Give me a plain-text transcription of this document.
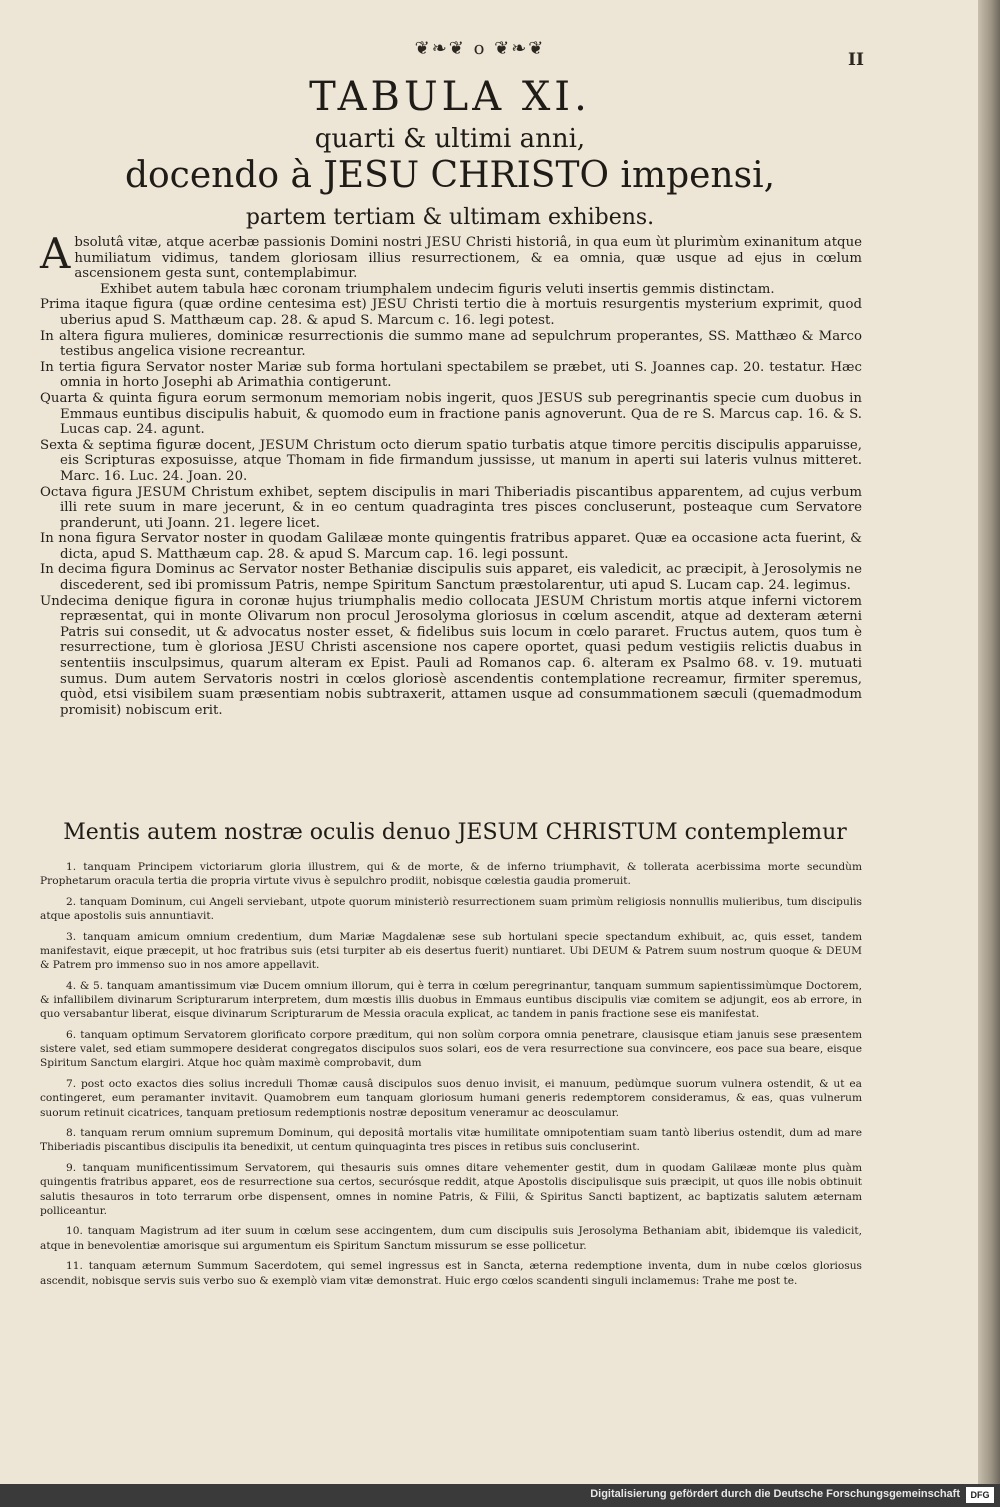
❦❧❦ o ❦❧❦
II
TABULA XI.
quarti & ultimi anni,
docendo à JESU CHRISTO impensi,
partem tertiam & ultimam exhibens.

Absolutâ vitæ, atque acerbæ passionis Domini nostri JESU Christi historiâ, in qua eum ùt plurimùm exinanitum atque humiliatum vidimus, tandem gloriosam illius resurrectionem, & ea omnia, quæ usque ad ejus in cœlum ascensionem gesta sunt, contemplabimur.

Exhibet autem tabula hæc coronam triumphalem undecim figuris veluti insertis gemmis distinctam.

Prima itaque figura (quæ ordine centesima est) JESU Christi tertio die à mortuis resurgentis mysterium exprimit, quod uberius apud S. Matthæum cap. 28. & apud S. Marcum c. 16. legi potest.

In altera figura mulieres, dominicæ resurrectionis die summo mane ad sepulchrum properantes, SS. Matthæo & Marco testibus angelica visione recreantur.

In tertia figura Servator noster Mariæ sub forma hortulani spectabilem se præbet, uti S. Joannes cap. 20. testatur. Hæc omnia in horto Josephi ab Arimathia contigerunt.

Quarta & quinta figura eorum sermonum memoriam nobis ingerit, quos JESUS sub peregrinantis specie cum duobus in Emmaus euntibus discipulis habuit, & quomodo eum in fractione panis agnoverunt. Qua de re S. Marcus cap. 16. & S. Lucas cap. 24. agunt.

Sexta & septima figuræ docent, JESUM Christum octo dierum spatio turbatis atque timore percitis discipulis apparuisse, eis Scripturas exposuisse, atque Thomam in fide firmandum jussisse, ut manum in aperti sui lateris vulnus mitteret. Marc. 16. Luc. 24. Joan. 20.

Octava figura JESUM Christum exhibet, septem discipulis in mari Thiberiadis piscantibus apparentem, ad cujus verbum illi rete suum in mare jecerunt, & in eo centum quadraginta tres pisces concluserunt, posteaque cum Servatore pranderunt, uti Joann. 21. legere licet.

In nona figura Servator noster in quodam Galilææ monte quingentis fratribus apparet. Quæ ea occasione acta fuerint, & dicta, apud S. Matthæum cap. 28. & apud S. Marcum cap. 16. legi possunt.

In decima figura Dominus ac Servator noster Bethaniæ discipulis suis apparet, eis valedicit, ac præcipit, à Jerosolymis ne discederent, sed ibi promissum Patris, nempe Spiritum Sanctum præstolarentur, uti apud S. Lucam cap. 24. legimus.

Undecima denique figura in coronæ hujus triumphalis medio collocata JESUM Christum mortis atque inferni victorem repræsentat, qui in monte Olivarum non procul Jerosolyma gloriosus in cœlum ascendit, atque ad dexteram æterni Patris sui consedit, ut & advocatus noster esset, & fidelibus suis locum in cœlo pararet. Fructus autem, quos tum è resurrectione, tum è gloriosa JESU Christi ascensione nos capere oportet, quasi pedum vestigiis relictis duabus in sententiis insculpsimus, quarum alteram ex Epist. Pauli ad Romanos cap. 6. alteram ex Psalmo 68. v. 19. mutuati sumus. Dum autem Servatoris nostri in cœlos gloriosè ascendentis contemplatione recreamur, firmiter speremus, quòd, etsi visibilem suam præsentiam nobis subtraxerit, attamen usque ad consummationem sæculi (quemadmodum promisit) nobiscum erit.

Mentis autem nostræ oculis denuo JESUM CHRISTUM contemplemur

1. tanquam Principem victoriarum gloria illustrem, qui & de morte, & de inferno triumphavit, & tollerata acerbissima morte secundùm Prophetarum oracula tertia die propria virtute vivus è sepulchro prodiit, nobisque cœlestia gaudia promeruit.

2. tanquam Dominum, cui Angeli serviebant, utpote quorum ministeriò resurrectionem suam primùm religiosis nonnullis mulieribus, tum discipulis atque apostolis suis annuntiavit.

3. tanquam amicum omnium credentium, dum Mariæ Magdalenæ sese sub hortulani specie spectandum exhibuit, ac, quis esset, tandem manifestavit, eique præcepit, ut hoc fratribus suis (etsi turpiter ab eis desertus fuerit) nuntiaret. Ubi DEUM & Patrem suum nostrum quoque & DEUM & Patrem pro immenso suo in nos amore appellavit.

4. & 5. tanquam amantissimum viæ Ducem omnium illorum, qui è terra in cœlum peregrinantur, tanquam summum sapientissimùmque Doctorem, & infallibilem divinarum Scripturarum interpretem, dum mœstis illis duobus in Emmaus euntibus discipulis viæ comitem se adjungit, eos ab errore, in quo versabantur liberat, eisque divinarum Scripturarum de Messia oracula explicat, ac tandem in panis fractione sese eis manifestat.

6. tanquam optimum Servatorem glorificato corpore præditum, qui non solùm corpora omnia penetrare, clausisque etiam januis sese præsentem sistere valet, sed etiam summopere desiderat congregatos discipulos suos solari, eos de vera resurrectione sua convincere, eos pace sua beare, eisque Spiritum Sanctum elargiri. Atque hoc quàm maximè comprobavit, dum

7. post octo exactos dies solius increduli Thomæ causâ discipulos suos denuo invisit, ei manuum, pedùmque suorum vulnera ostendit, & ut ea contingeret, eum peramanter invitavit. Quamobrem eum tanquam gloriosum humani generis redemptorem consideramus, & eas, quas vulnerum suorum retinuit cicatrices, tanquam pretiosum redemptionis nostræ depositum veneramur ac deosculamur.

8. tanquam rerum omnium supremum Dominum, qui depositâ mortalis vitæ humilitate omnipotentiam suam tantò liberius ostendit, dum ad mare Thiberiadis piscantibus discipulis ita benedixit, ut centum quinquaginta tres pisces in retibus suis concluserint.

9. tanquam munificentissimum Servatorem, qui thesauris suis omnes ditare vehementer gestit, dum in quodam Galilææ monte plus quàm quingentis fratribus apparet, eos de resurrectione sua certos, securósque reddit, atque Apostolis discipulisque suis præcipit, ut quos ille nobis obtinuit salutis thesauros in toto terrarum orbe dispensent, omnes in nomine Patris, & Filii, & Spiritus Sancti baptizent, ac baptizatis salutem æternam polliceantur.

10. tanquam Magistrum ad iter suum in cœlum sese accingentem, dum cum discipulis suis Jerosolyma Bethaniam abit, ibidemque iis valedicit, atque in benevolentiæ amorisque sui argumentum eis Spiritum Sanctum missurum se esse pollicetur.

11. tanquam æternum Summum Sacerdotem, qui semel ingressus est in Sancta, æterna redemptione inventa, dum in nube cœlos gloriosus ascendit, nobisque servis suis verbo suo & exemplò viam vitæ demonstrat. Huic ergo cœlos scandenti singuli inclamemus: Trahe me post te.

Digitalisierung gefördert durch die Deutsche Forschungsgemeinschaft	DFG
